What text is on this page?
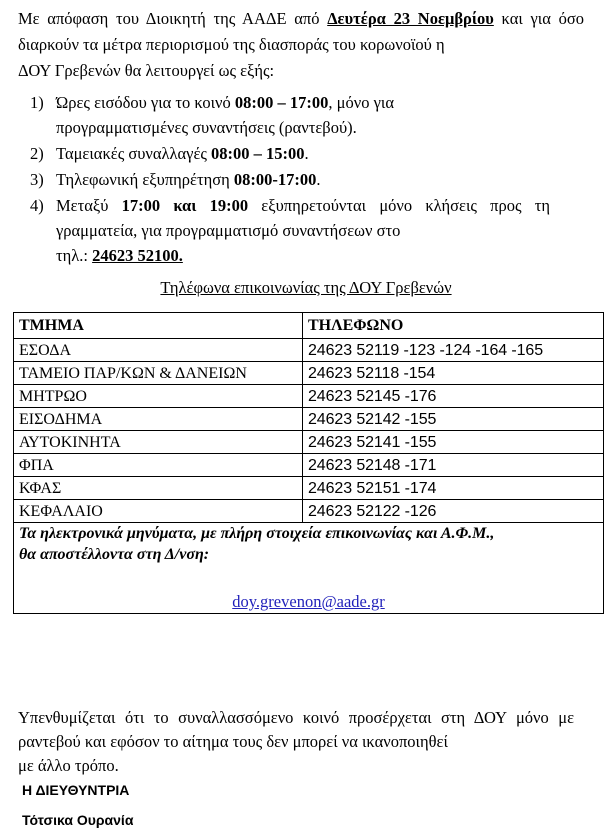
Με απόφαση του Διοικητή της ΑΑΔΕ από Δευτέρα 23 Νοεμβρίου και για όσο διαρκούν τα μέτρα περιορισμού της διασποράς του κορωνοϊού η
ΔΟΥ Γρεβενών θα λειτουργεί ως εξής:
1) Ώρες εισόδου για το κοινό 08:00 – 17:00, μόνο για
προγραμματισμένες συναντήσεις (ραντεβού).
2) Ταμειακές συναλλαγές 08:00 – 15:00.
3) Τηλεφωνική εξυπηρέτηση 08:00-17:00.
4) Μεταξύ 17:00 και 19:00 εξυπηρετούνται μόνο κλήσεις προς τη γραμματεία, για προγραμματισμό συναντήσεων στο
τηλ.: 24623 52100.
Τηλέφωνα επικοινωνίας της ΔΟΥ Γρεβενών
ΤΜΗΜΑ	ΤΗΛΕΦΩΝΟ
ΕΣΟΔΑ	24623 52119 -123 -124 -164 -165
ΤΑΜΕΙΟ ΠΑΡ/ΚΩΝ & ΔΑΝΕΙΩΝ	24623 52118 -154
ΜΗΤΡΩΟ	24623 52145 -176
ΕΙΣΟΔΗΜΑ	24623 52142 -155
ΑΥΤΟΚΙΝΗΤΑ	24623 52141 -155
ΦΠΑ	24623 52148 -171
ΚΦΑΣ	24623 52151 -174
ΚΕΦΑΛΑΙΟ	24623 52122 -126

Τα ηλεκτρονικά μηνύματα, με πλήρη στοιχεία επικοινωνίας και Α.Φ.Μ.,
θα αποστέλλοντα στη Δ/νση:
doy.grevenon@aade.gr	
Υπενθυμίζεται ότι το συναλλασσόμενο κοινό προσέρχεται στη ΔΟΥ μόνο με ραντεβού και εφόσον το αίτημα τους δεν μπορεί να ικανοποιηθεί
με άλλο τρόπο.
Η ΔΙΕΥΘΥΝΤΡΙΑ
Τότσικα Ουρανία
